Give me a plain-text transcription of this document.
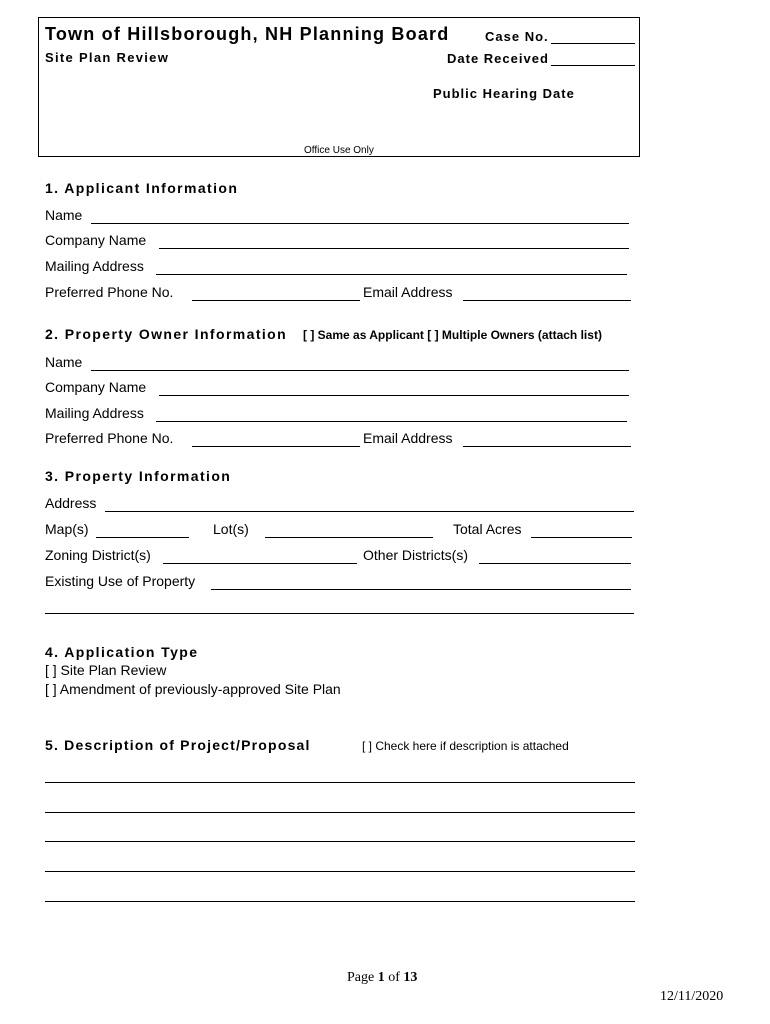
Town of Hillsborough, NH Planning Board
Site Plan Review
Case No.
Date Received
Public Hearing Date
Office Use Only
1. Applicant Information
Name
Company Name
Mailing Address
Preferred Phone No.	Email Address
2. Property Owner Information [ ] Same as Applicant [ ] Multiple Owners (attach list)
Name
Company Name
Mailing Address
Preferred Phone No.	Email Address
3. Property Information
Address
Map(s)	Lot(s)	Total Acres
Zoning District(s)	Other Districts(s)
Existing Use of Property
4. Application Type
[ ] Site Plan Review
[ ] Amendment of previously-approved Site Plan
5. Description of Project/Proposal	[ ] Check here if description is attached
Page 1 of 13
12/11/2020
